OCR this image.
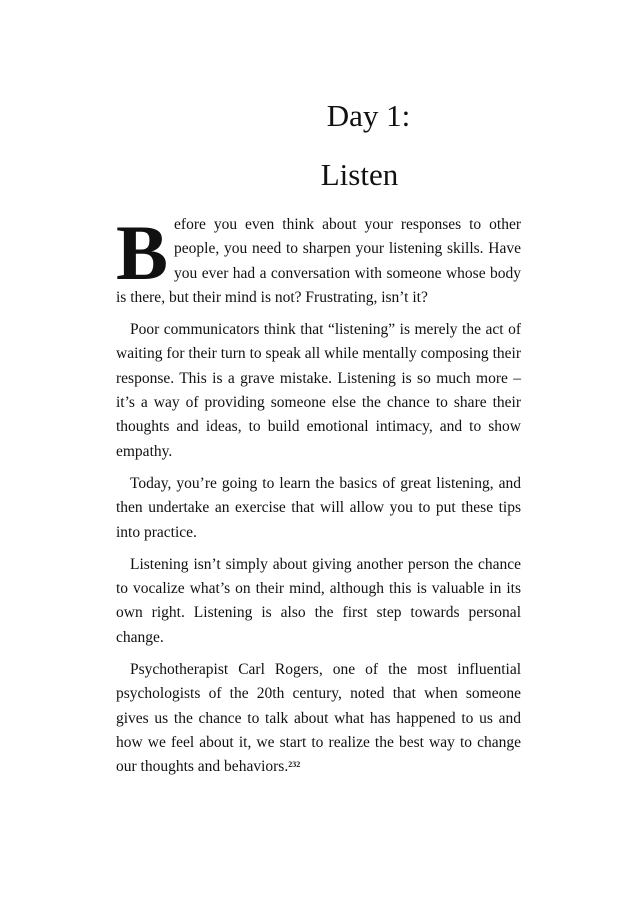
Day 1:
Listen

Before you even think about your responses to other people, you need to sharpen your listening skills. Have you ever had a conversation with someone whose body is there, but their mind is not? Frustrating, isn’t it?

Poor communicators think that “listening” is merely the act of waiting for their turn to speak all while mentally composing their response. This is a grave mistake. Listening is so much more – it’s a way of providing someone else the chance to share their thoughts and ideas, to build emotional intimacy, and to show empathy.

Today, you’re going to learn the basics of great listening, and then undertake an exercise that will allow you to put these tips into practice.

Listening isn’t simply about giving another person the chance to vocalize what’s on their mind, although this is valuable in its own right. Listening is also the first step towards personal change.

Psychotherapist Carl Rogers, one of the most influential psychologists of the 20th century, noted that when someone gives us the chance to talk about what has happened to us and how we feel about it, we start to realize the best way to change our thoughts and behaviors.$^{232}$
